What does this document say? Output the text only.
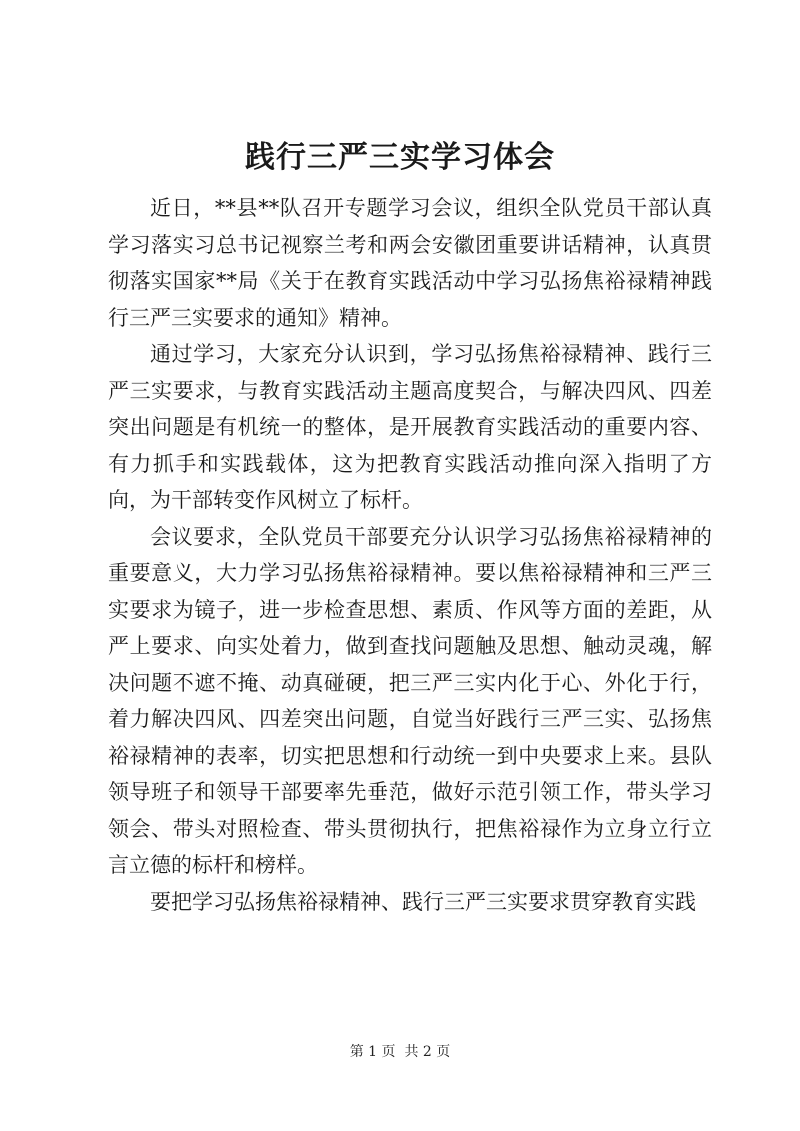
践行三严三实学习体会

近日，**县**队召开专题学习会议，组织全队党员干部认真学习落实习总书记视察兰考和两会安徽团重要讲话精神，认真贯彻落实国家**局《关于在教育实践活动中学习弘扬焦裕禄精神践行三严三实要求的通知》精神。

通过学习，大家充分认识到，学习弘扬焦裕禄精神、践行三严三实要求，与教育实践活动主题高度契合，与解决四风、四差突出问题是有机统一的整体，是开展教育实践活动的重要内容、有力抓手和实践载体，这为把教育实践活动推向深入指明了方向，为干部转变作风树立了标杆。

会议要求，全队党员干部要充分认识学习弘扬焦裕禄精神的重要意义，大力学习弘扬焦裕禄精神。要以焦裕禄精神和三严三实要求为镜子，进一步检查思想、素质、作风等方面的差距，从严上要求、向实处着力，做到查找问题触及思想、触动灵魂，解决问题不遮不掩、动真碰硬，把三严三实内化于心、外化于行，着力解决四风、四差突出问题，自觉当好践行三严三实、弘扬焦裕禄精神的表率，切实把思想和行动统一到中央要求上来。县队领导班子和领导干部要率先垂范，做好示范引领工作，带头学习领会、带头对照检查、带头贯彻执行，把焦裕禄作为立身立行立言立德的标杆和榜样。

要把学习弘扬焦裕禄精神、践行三严三实要求贯穿教育实践

第 1 页  共 2 页
